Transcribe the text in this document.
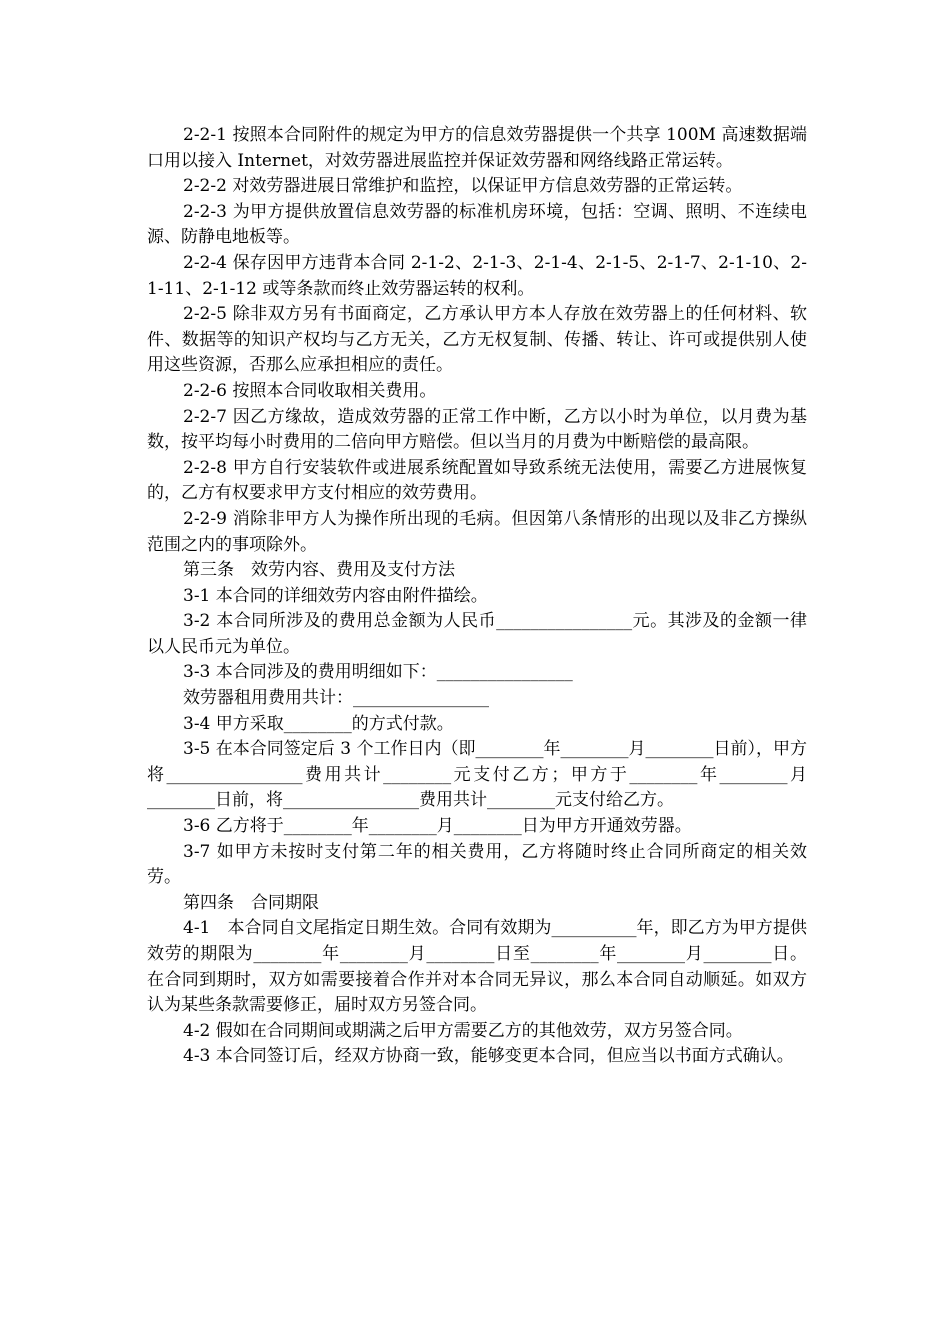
2-2-1 按照本合同附件的规定为甲方的信息效劳器提供一个共享 100M 高速数据端口用以接入 Internet，对效劳器进展监控并保证效劳器和网络线路正常运转。

2-2-2 对效劳器进展日常维护和监控，以保证甲方信息效劳器的正常运转。

2-2-3 为甲方提供放置信息效劳器的标准机房环境，包括：空调、照明、不连续电源、防静电地板等。

2-2-4 保存因甲方违背本合同 2-1-2、2-1-3、2-1-4、2-1-5、2-1-7、2-1-10、2-1-11、2-1-12 或等条款而终止效劳器运转的权利。

2-2-5 除非双方另有书面商定，乙方承认甲方本人存放在效劳器上的任何材料、软件、数据等的知识产权均与乙方无关，乙方无权复制、传播、转让、许可或提供别人使用这些资源，否那么应承担相应的责任。

2-2-6 按照本合同收取相关费用。

2-2-7 因乙方缘故，造成效劳器的正常工作中断，乙方以小时为单位，以月费为基数，按平均每小时费用的二倍向甲方赔偿。但以当月的月费为中断赔偿的最高限。

2-2-8 甲方自行安装软件或进展系统配置如导致系统无法使用，需要乙方进展恢复的，乙方有权要求甲方支付相应的效劳费用。

2-2-9 消除非甲方人为操作所出现的毛病。但因第八条情形的出现以及非乙方操纵范围之内的事项除外。

第三条　效劳内容、费用及支付方法

3-1 本合同的详细效劳内容由附件描绘。

3-2 本合同所涉及的费用总金额为人民币________________元。其涉及的金额一律以人民币元为单位。

3-3 本合同涉及的费用明细如下：________________

效劳器租用费用共计：________________

3-4 甲方采取________的方式付款。

3-5 在本合同签定后 3 个工作日内（即________年________月________日前），甲方将________________费用共计________元支付乙方；甲方于________年________月________日前，将________________费用共计________元支付给乙方。

3-6 乙方将于________年________月________日为甲方开通效劳器。

3-7 如甲方未按时支付第二年的相关费用，乙方将随时终止合同所商定的相关效劳。

第四条　合同期限

4-1　本合同自文尾指定日期生效。合同有效期为__________年，即乙方为甲方提供效劳的期限为________年________月________日至________年________月________日。在合同到期时，双方如需要接着合作并对本合同无异议，那么本合同自动顺延。如双方认为某些条款需要修正，届时双方另签合同。

4-2 假如在合同期间或期满之后甲方需要乙方的其他效劳，双方另签合同。

4-3 本合同签订后，经双方协商一致，能够变更本合同，但应当以书面方式确认。
